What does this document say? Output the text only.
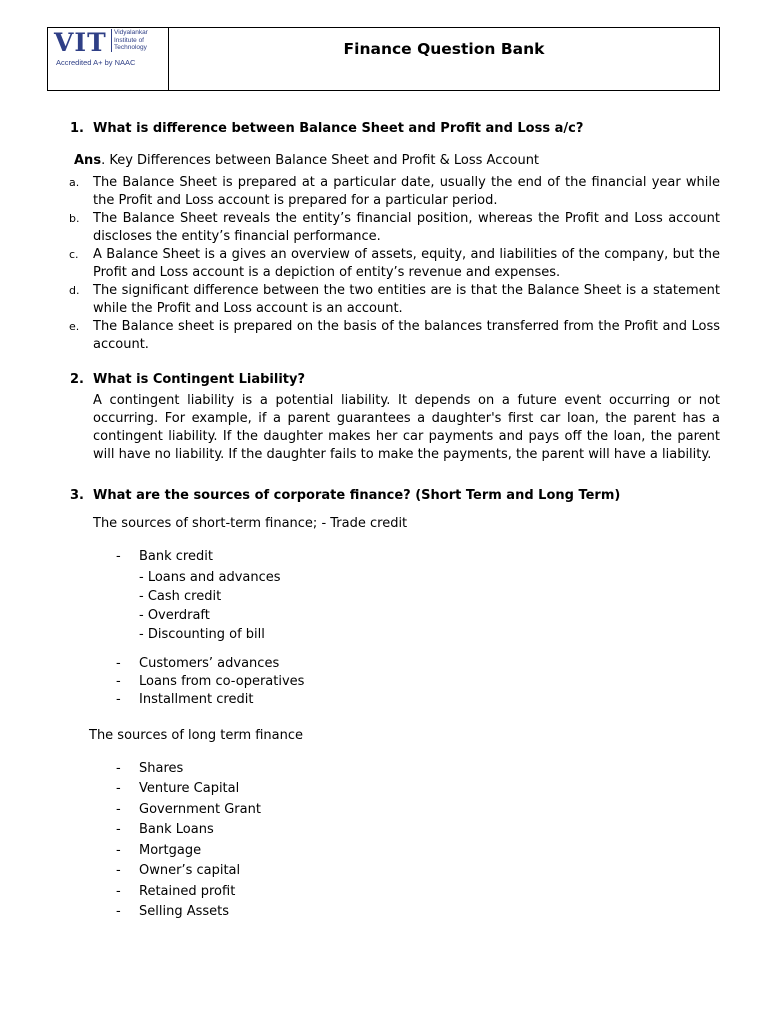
VIT Vidyalankar
Institute of
Technology
Accredited A+ by NAAC
Finance Question Bank
1. What is difference between Balance Sheet and Profit and Loss a/c?
Ans. Key Differences between Balance Sheet and Profit & Loss Account
a. The Balance Sheet is prepared at a particular date, usually the end of the financial year while the Profit and Loss account is prepared for a particular period.
b. The Balance Sheet reveals the entity’s financial position, whereas the Profit and Loss account discloses the entity’s financial performance.
c. A Balance Sheet is a gives an overview of assets, equity, and liabilities of the company, but the Profit and Loss account is a depiction of entity’s revenue and expenses.
d. The significant difference between the two entities are is that the Balance Sheet is a statement while the Profit and Loss account is an account.
e. The Balance sheet is prepared on the basis of the balances transferred from the Profit and Loss account.
2. What is Contingent Liability?
A contingent liability is a potential liability. It depends on a future event occurring or not occurring. For example, if a parent guarantees a daughter's first car loan, the parent has a contingent liability. If the daughter makes her car payments and pays off the loan, the parent will have no liability. If the daughter fails to make the payments, the parent will have a liability.
3. What are the sources of corporate finance? (Short Term and Long Term)
The sources of short-term finance; - Trade credit
- Bank credit
- Loans and advances
- Cash credit
- Overdraft
- Discounting of bill
- Customers’ advances
- Loans from co-operatives
- Installment credit
The sources of long term finance
- Shares
- Venture Capital
- Government Grant
- Bank Loans
- Mortgage
- Owner’s capital
- Retained profit
- Selling Assets
